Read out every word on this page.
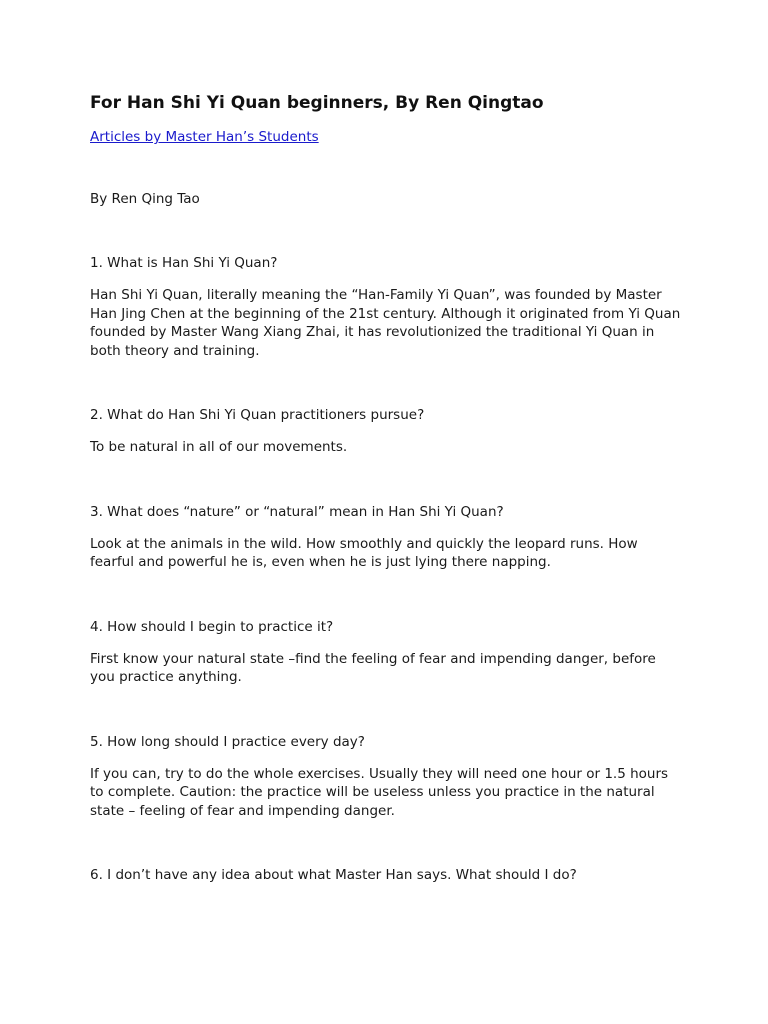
For Han Shi Yi Quan beginners, By Ren Qingtao
Articles by Master Han’s Students

By Ren Qing Tao

1. What is Han Shi Yi Quan?

Han Shi Yi Quan, literally meaning the “Han-Family Yi Quan”, was founded by Master Han Jing Chen at the beginning of the 21st century. Although it originated from Yi Quan founded by Master Wang Xiang Zhai, it has revolutionized the traditional Yi Quan in both theory and training.

2. What do Han Shi Yi Quan practitioners pursue?

To be natural in all of our movements.

3. What does “nature” or “natural” mean in Han Shi Yi Quan?

Look at the animals in the wild. How smoothly and quickly the leopard runs. How fearful and powerful he is, even when he is just lying there napping.

4. How should I begin to practice it?

First know your natural state –find the feeling of fear and impending danger, before you practice anything.

5. How long should I practice every day?

If you can, try to do the whole exercises. Usually they will need one hour or 1.5 hours to complete. Caution: the practice will be useless unless you practice in the natural state – feeling of fear and impending danger.

6. I don’t have any idea about what Master Han says. What should I do?
